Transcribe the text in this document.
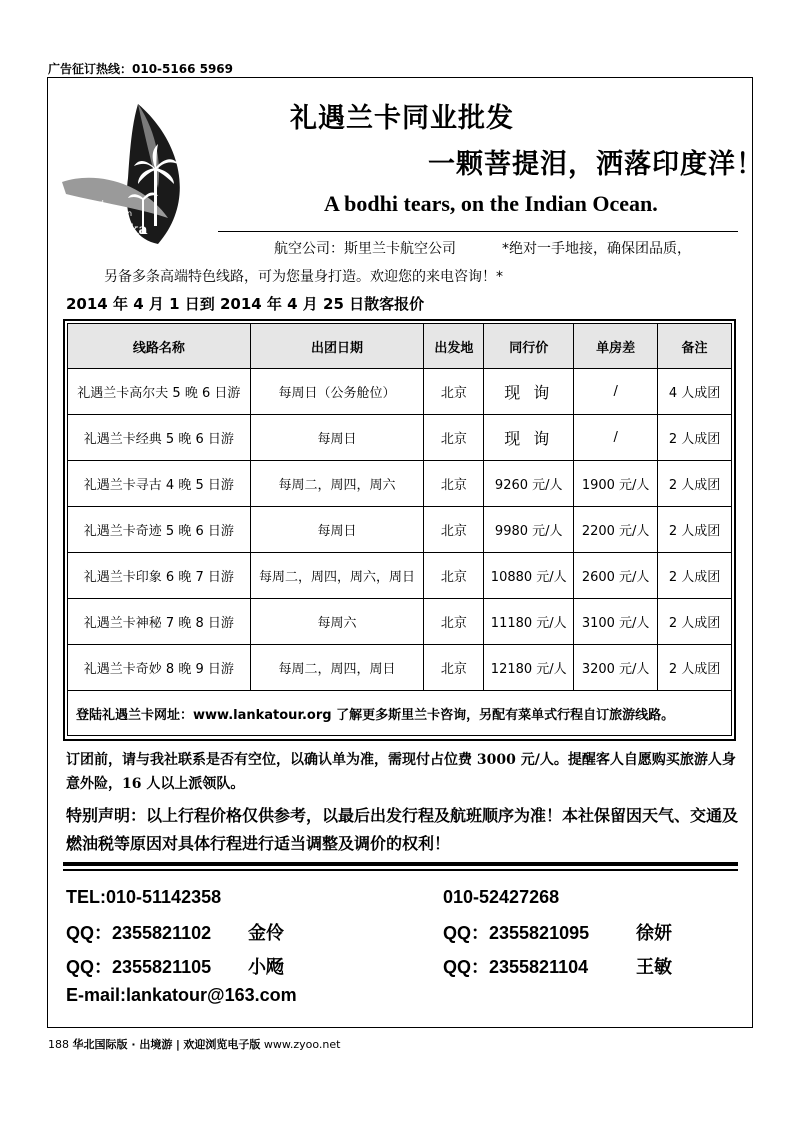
广告征订热线：010-5166 5969
enjoyed
the courtesy in
Sri Lanka
礼遇兰卡同业批发
一颗菩提泪，洒落印度洋！
A bodhi tears, on the Indian Ocean.
航空公司：斯里兰卡航空公司	*绝对一手地接，确保团品质，
另备多条高端特色线路，可为您量身打造。欢迎您的来电咨询！*
2014 年 4 月 1 日到 2014 年 4 月 25 日散客报价
线路名称	出团日期	出发地	同行价	单房差	备注
礼遇兰卡高尔夫 5 晚 6 日游	每周日（公务舱位）	北京	现 询	/	4 人成团
礼遇兰卡经典 5 晚 6 日游	每周日	北京	现 询	/	2 人成团
礼遇兰卡寻古 4 晚 5 日游	每周二，周四，周六	北京	9260 元/人	1900 元/人	2 人成团
礼遇兰卡奇迹 5 晚 6 日游	每周日	北京	9980 元/人	2200 元/人	2 人成团
礼遇兰卡印象 6 晚 7 日游	每周二，周四，周六，周日	北京	10880 元/人	2600 元/人	2 人成团
礼遇兰卡神秘 7 晚 8 日游	每周六	北京	11180 元/人	3100 元/人	2 人成团
礼遇兰卡奇妙 8 晚 9 日游	每周二，周四，周日	北京	12180 元/人	3200 元/人	2 人成团
登陆礼遇兰卡网址：www.lankatour.org 了解更多斯里兰卡咨询，另配有菜单式行程自订旅游线路。					

订团前，请与我社联系是否有空位，以确认单为准，需现付占位费 3000 元/人。提醒客人自愿购买旅游人身意外险，16 人以上派领队。

特别声明：以上行程价格仅供参考，以最后出发行程及航班顺序为准！本社保留因天气、交通及燃油税等原因对具体行程进行适当调整及调价的权利！

TEL:010-51142358	010-52427268
QQ：2355821102 金伶	QQ：2355821095	徐妍
QQ：2355821105 小飏	QQ：2355821104	王敏
E-mail:lankatour@163.com
188 华北国际版 · 出境游 | 欢迎浏览电子版 www.zyoo.net
